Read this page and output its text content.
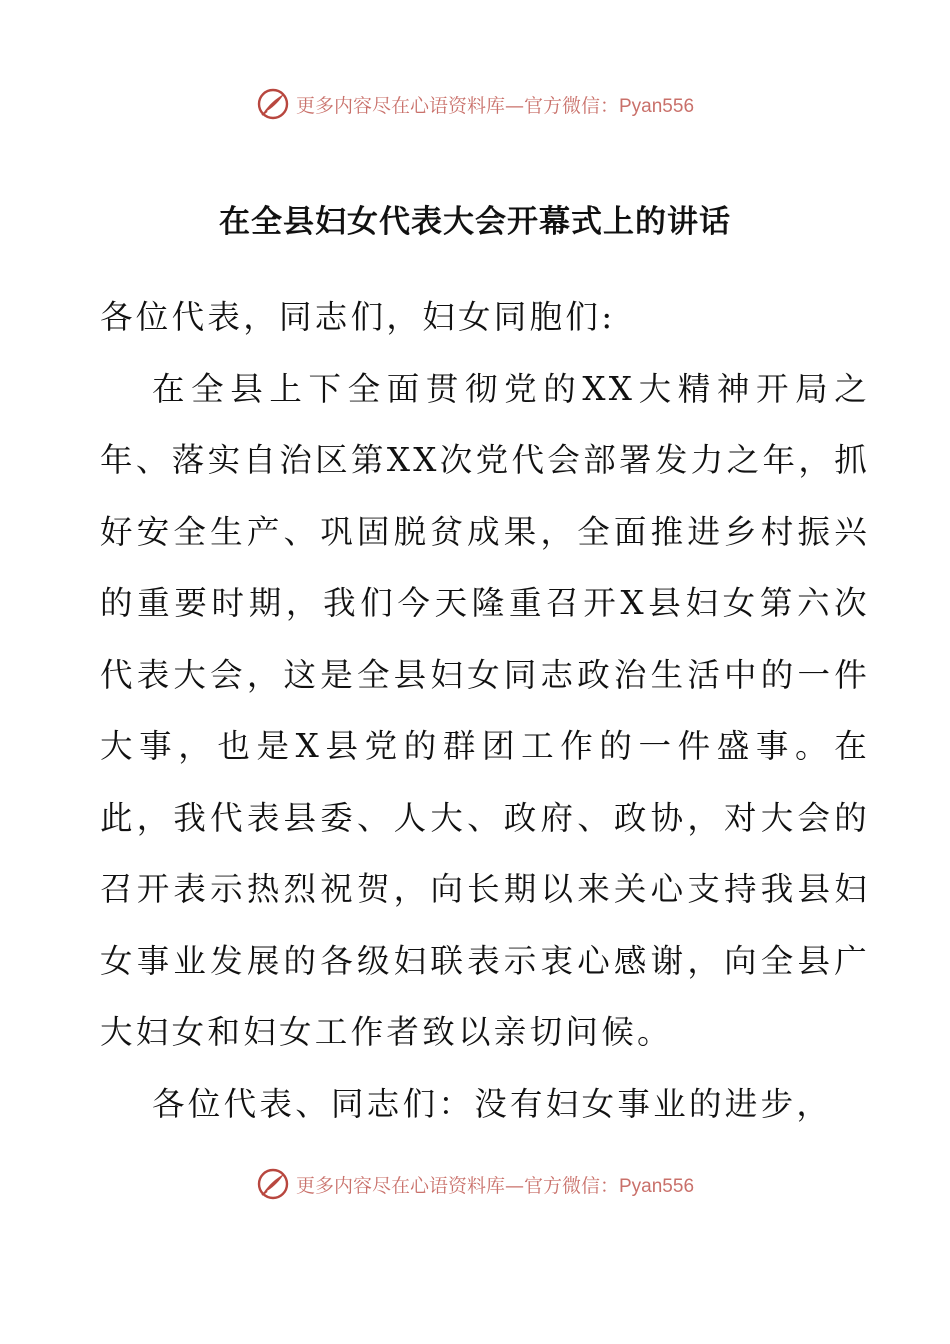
更多内容尽在心语资料库—官方微信：Pyan556
在全县妇女代表大会开幕式上的讲话

各位代表，同志们，妇女同胞们:

在全县上下全面贯彻党的XX大精神开局之年、落实自治区第XX次党代会部署发力之年，抓好安全生产、巩固脱贫成果，全面推进乡村振兴的重要时期，我们今天隆重召开X县妇女第六次代表大会，这是全县妇女同志政治生活中的一件大事，也是X县党的群团工作的一件盛事。在此，我代表县委、人大、政府、政协，对大会的召开表示热烈祝贺，向长期以来关心支持我县妇女事业发展的各级妇联表示衷心感谢，向全县广大妇女和妇女工作者致以亲切问候。

各位代表、同志们：没有妇女事业的进步，

更多内容尽在心语资料库—官方微信：Pyan556
